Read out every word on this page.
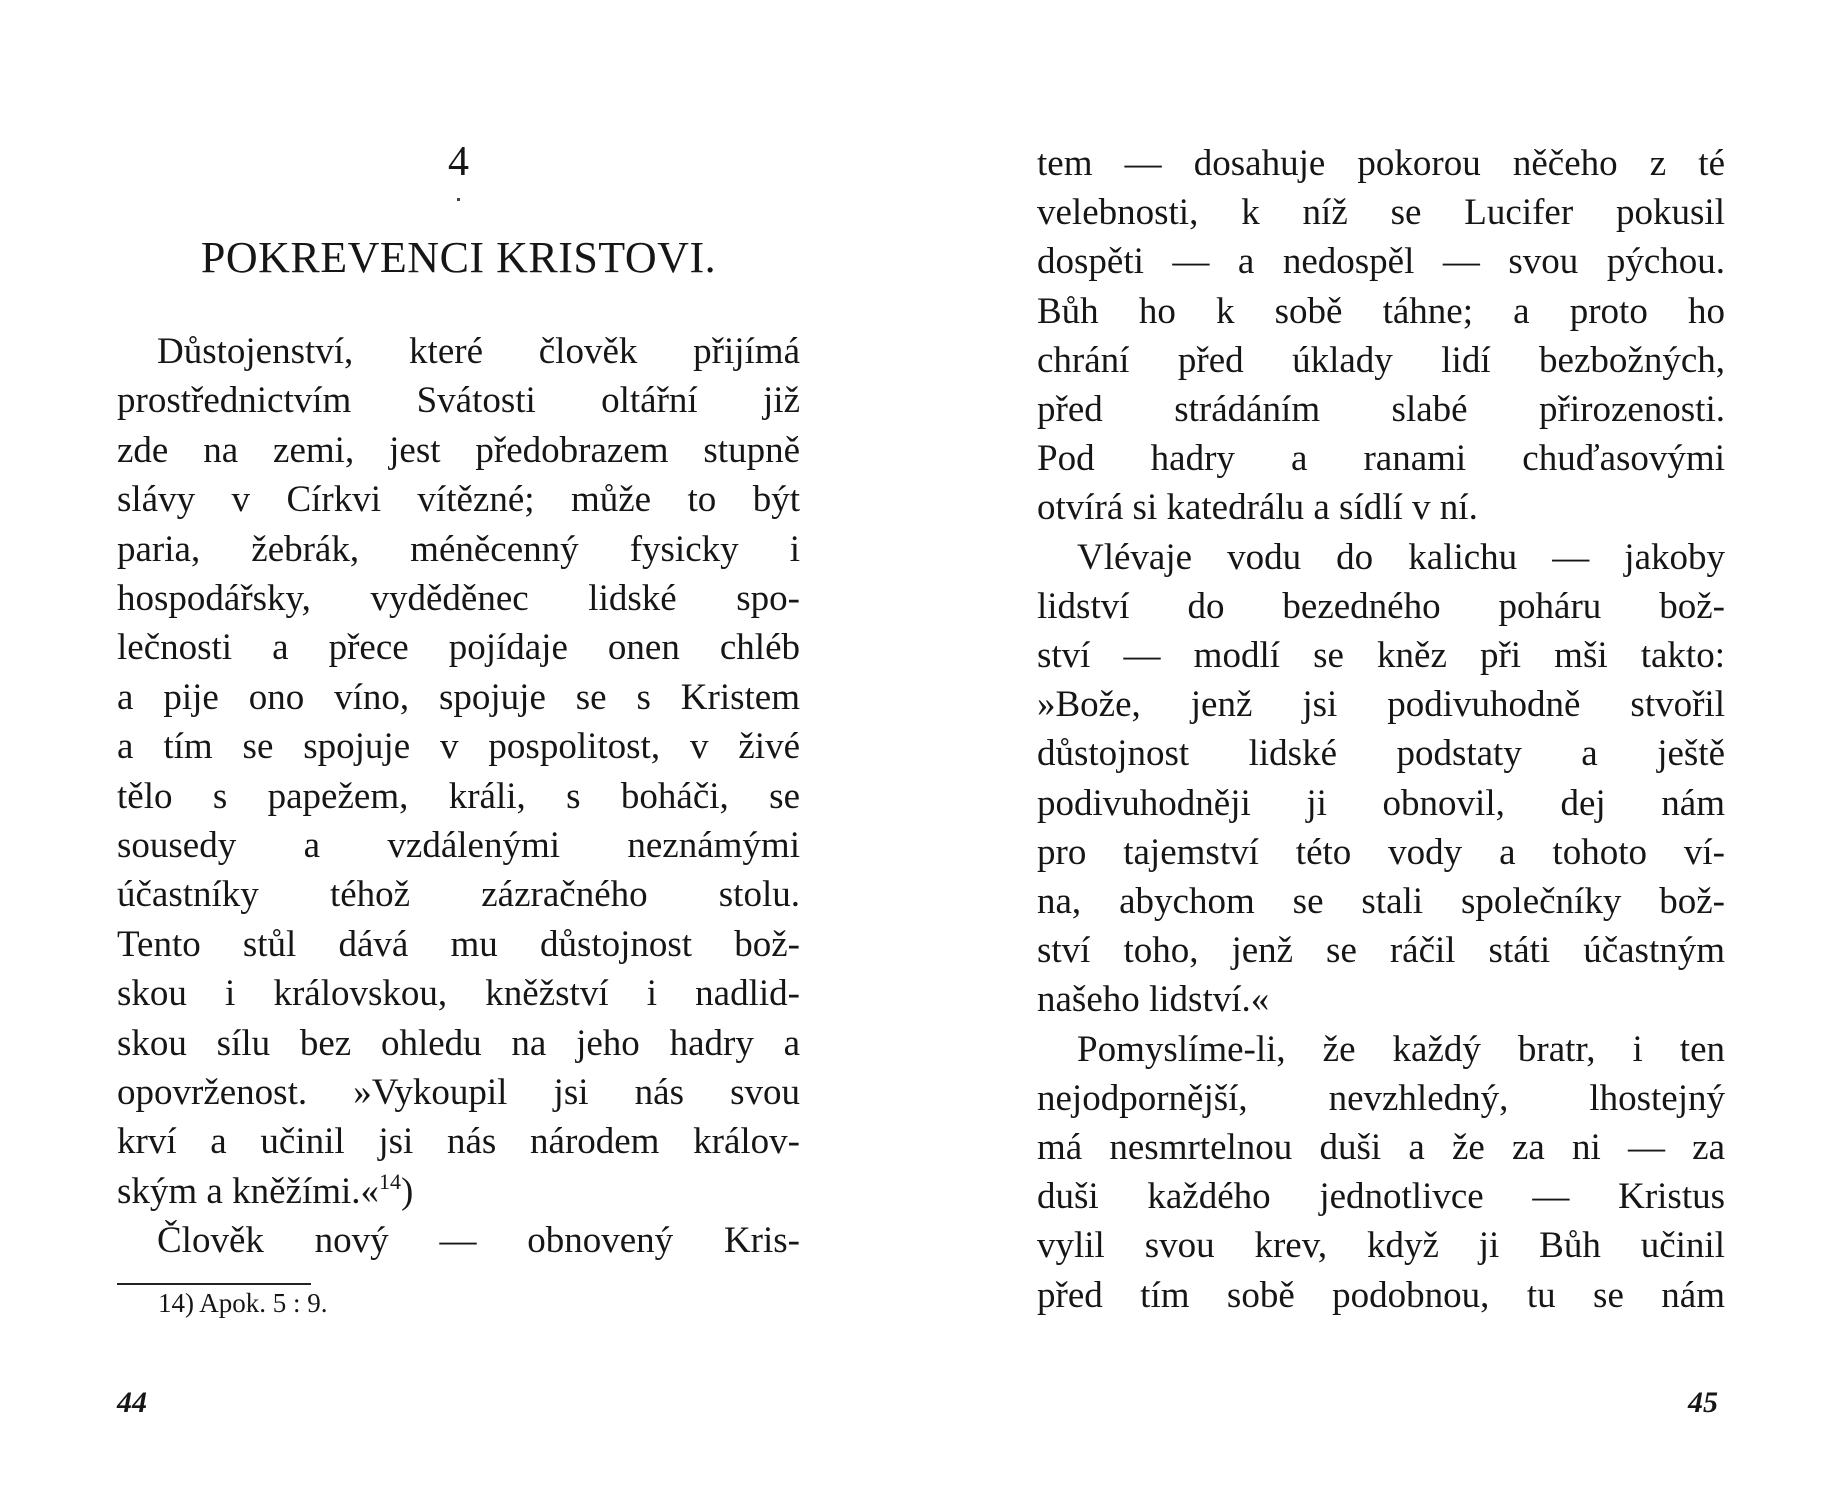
4
POKREVENCI KRISTOVI.
Důstojenství, které člověk přijímá
prostřednictvím Svátosti oltářní již
zde na zemi, jest předobrazem stupně
slávy v Církvi vítězné; může to být
paria, žebrák, méněcenný fysicky i
hospodářsky, vyděděnec lidské spo-
lečnosti a přece pojídaje onen chléb
a pije ono víno, spojuje se s Kristem
a tím se spojuje v pospolitost, v živé
tělo s papežem, králi, s boháči, se
sousedy a vzdálenými neznámými
účastníky téhož zázračného stolu.
Tento stůl dává mu důstojnost bož-
skou i královskou, kněžství i nadlid-
skou sílu bez ohledu na jeho hadry a
opovrženost. »Vykoupil jsi nás svou
krví a učinil jsi nás národem králov-
ským a kněžími.«$^{14}$)
Člověk nový — obnovený Kris-
14) Apok. 5 : 9.
44
tem — dosahuje pokorou něčeho z té
velebnosti, k níž se Lucifer pokusil
dospěti — a nedospěl — svou pýchou.
Bůh ho k sobě táhne; a proto ho
chrání před úklady lidí bezbožných,
před strádáním slabé přirozenosti.
Pod hadry a ranami chuďasovými
otvírá si katedrálu a sídlí v ní.
Vlévaje vodu do kalichu — jakoby
lidství do bezedného poháru bož-
ství — modlí se kněz při mši takto:
»Bože, jenž jsi podivuhodně stvořil
důstojnost lidské podstaty a ještě
podivuhodněji ji obnovil, dej nám
pro tajemství této vody a tohoto ví-
na, abychom se stali společníky bož-
ství toho, jenž se ráčil státi účastným
našeho lidství.«
Pomyslíme-li, že každý bratr, i ten
nejodpornější, nevzhledný, lhostejný
má nesmrtelnou duši a že za ni — za
duši každého jednotlivce — Kristus
vylil svou krev, když ji Bůh učinil
před tím sobě podobnou, tu se nám
45
